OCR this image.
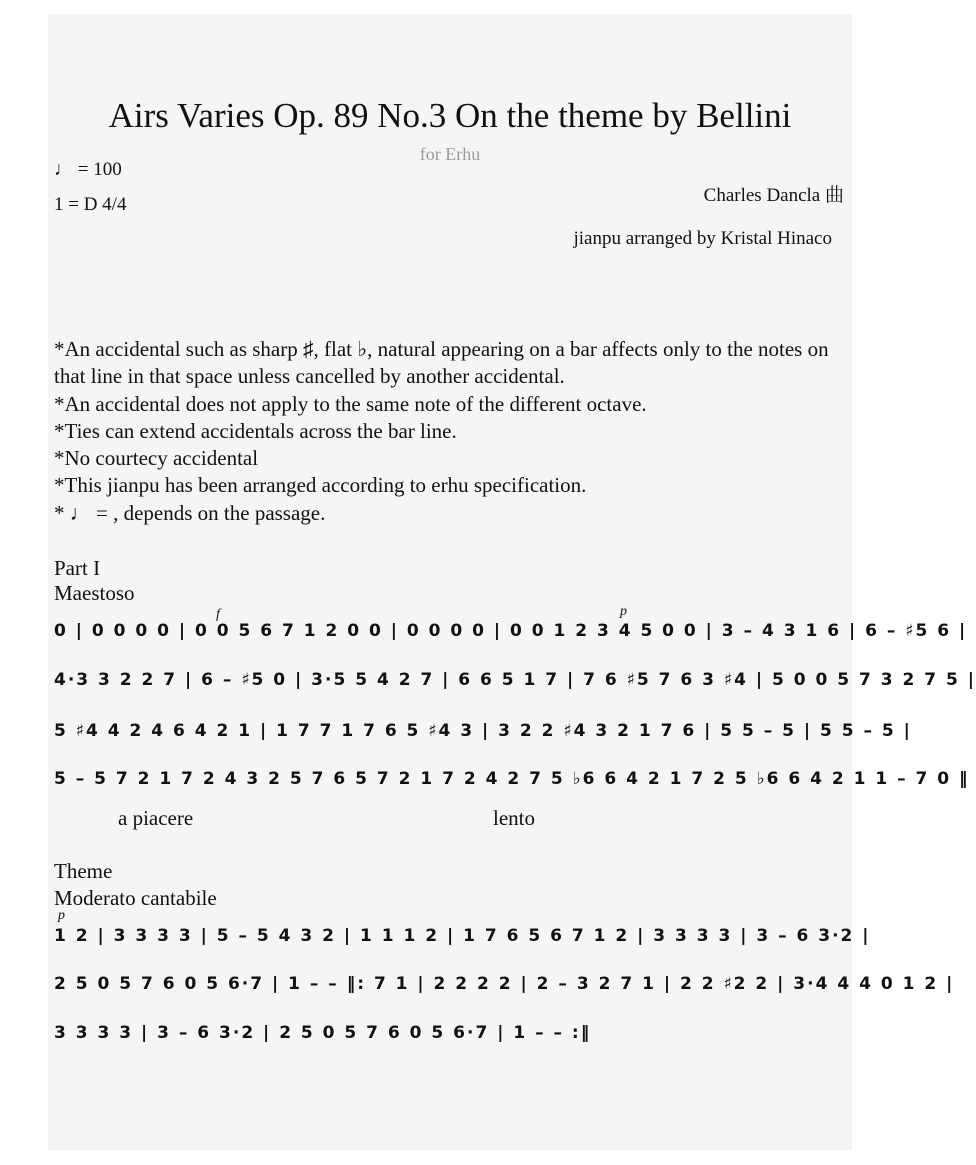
Airs Varies Op. 89 No.3 On the theme by Bellini
for Erhu
♩ = 100
1 = D 4/4	Charles Dancla 曲
jianpu arranged by Kristal Hinaco

*An accidental such as sharp ♯, flat ♭, natural appearing on a bar affects only to the notes on that line in that space unless cancelled by another accidental.

*An accidental does not apply to the same note of the different octave.

*Ties can extend accidentals across the bar line.

*No courtecy accidental

*This jianpu has been arranged according to erhu specification.

* ♩ = , depends on the passage.

Part I
Maestoso
f	p
0 | 0 0 0 0 | 0 0 5 6 7 1 2 0 0 | 0 0 0 0 | 0 0 1 2 3 4 5 0 0 | 3 – 4 3 1 6 | 6 – ♯5 6 |
4·3 3 2 2 7 | 6 – ♯5 0 | 3·5 5 4 2 7 | 6 6 5 1 7 | 7 6 ♯5 7 6 3 ♯4 | 5 0 0 5 7 3 2 7 5 |
5 ♯4 4 2 4 6 4 2 1 | 1 7 7 1 7 6 5 ♯4 3 | 3 2 2 ♯4 3 2 1 7 6 | 5 5 – 5 | 5 5 – 5 |
5 – 5 7 2 1 7 2 4 3 2 5 7 6 5 7 2 1 7 2 4 2 7 5 ♭6 6 4 2 1 7 2 5 ♭6 6 4 2 1 1 – 7 0 ‖
a piacere	lento
Theme
Moderato cantabile
p
1 2 | 3 3 3 3 | 5 – 5 4 3 2 | 1 1 1 2 | 1 7 6 5 6 7 1 2 | 3 3 3 3 | 3 – 6 3·2 |
2 5 0 5 7 6 0 5 6·7 | 1 – – ‖: 7 1 | 2 2 2 2 | 2 – 3 2 7 1 | 2 2 ♯2 2 | 3·4 4 4 0 1 2 |
3 3 3 3 | 3 – 6 3·2 | 2 5 0 5 7 6 0 5 6·7 | 1 – – :‖
